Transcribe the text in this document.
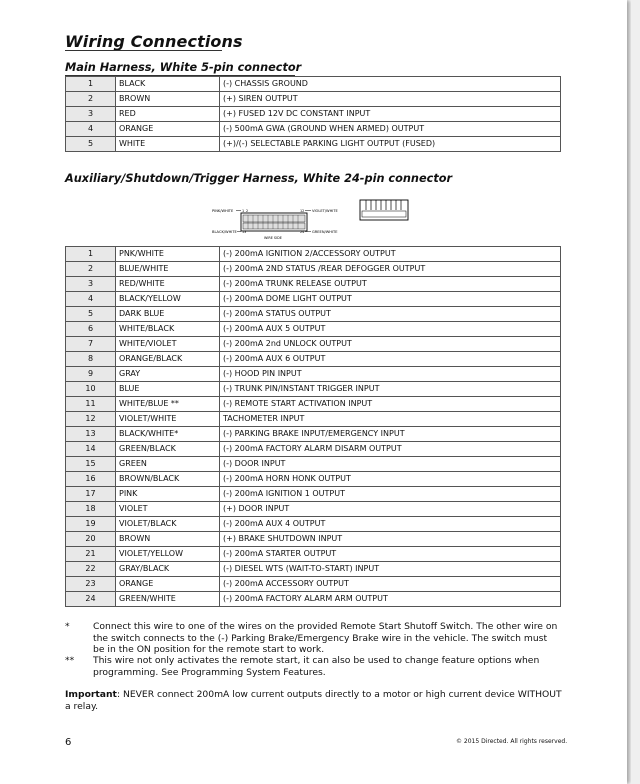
Wiring Connections
Main Harness, White 5-pin connector
1	BLACK	(-) CHASSIS GROUND
2	BROWN	(+) SIREN OUTPUT
3	RED	(+) FUSED 12V DC CONSTANT INPUT
4	ORANGE	(-) 500mA GWA (GROUND WHEN ARMED) OUTPUT
5	WHITE	(+)/(-) SELECTABLE PARKING LIGHT OUTPUT (FUSED)
Auxiliary/Shutdown/Trigger Harness, White 24-pin connector
PINK/WHITE	1 2	12 VIOLET/WHITE
BLACK/WHITE 13	24 GREEN/WHITE
WIRE SIDE
1	PNK/WHITE	(-) 200mA IGNITION 2/ACCESSORY OUTPUT
2	BLUE/WHITE	(-) 200mA 2ND STATUS /REAR DEFOGGER OUTPUT
3	RED/WHITE	(-) 200mA TRUNK RELEASE OUTPUT
4	BLACK/YELLOW	(-) 200mA DOME LIGHT OUTPUT
5	DARK BLUE	(-) 200mA STATUS OUTPUT
6	WHITE/BLACK	(-) 200mA AUX 5 OUTPUT
7	WHITE/VIOLET	(-) 200mA 2nd UNLOCK OUTPUT
8	ORANGE/BLACK	(-) 200mA AUX 6 OUTPUT
9	GRAY	(-) HOOD PIN INPUT
10	BLUE	(-) TRUNK PIN/INSTANT TRIGGER INPUT
11	WHITE/BLUE **	(-) REMOTE START ACTIVATION INPUT
12	VIOLET/WHITE	TACHOMETER INPUT
13	BLACK/WHITE*	(-) PARKING BRAKE INPUT/EMERGENCY INPUT
14	GREEN/BLACK	(-) 200mA FACTORY ALARM DISARM OUTPUT
15	GREEN	(-) DOOR INPUT
16	BROWN/BLACK	(-) 200mA HORN HONK OUTPUT
17	PINK	(-) 200mA IGNITION 1 OUTPUT
18	VIOLET	(+) DOOR INPUT
19	VIOLET/BLACK	(-) 200mA AUX 4 OUTPUT
20	BROWN	(+) BRAKE SHUTDOWN INPUT
21	VIOLET/YELLOW	(-) 200mA STARTER OUTPUT
22	GRAY/BLACK	(-) DIESEL WTS (WAIT-TO-START) INPUT
23	ORANGE	(-) 200mA ACCESSORY OUTPUT
24	GREEN/WHITE	(-) 200mA FACTORY ALARM ARM OUTPUT
*	Connect this wire to one of the wires on the provided Remote Start Shutoff Switch. The other wire on the switch connects to the (-) Parking Brake/Emergency Brake wire in the vehicle. The switch must be in the ON position for the remote start to work.
**	This wire not only activates the remote start, it can also be used to change feature options when programming. See Programming System Features.
Important: NEVER connect 200mA low current outputs directly to a motor or high current device WITHOUT a relay.
6	© 2015 Directed. All rights reserved.
